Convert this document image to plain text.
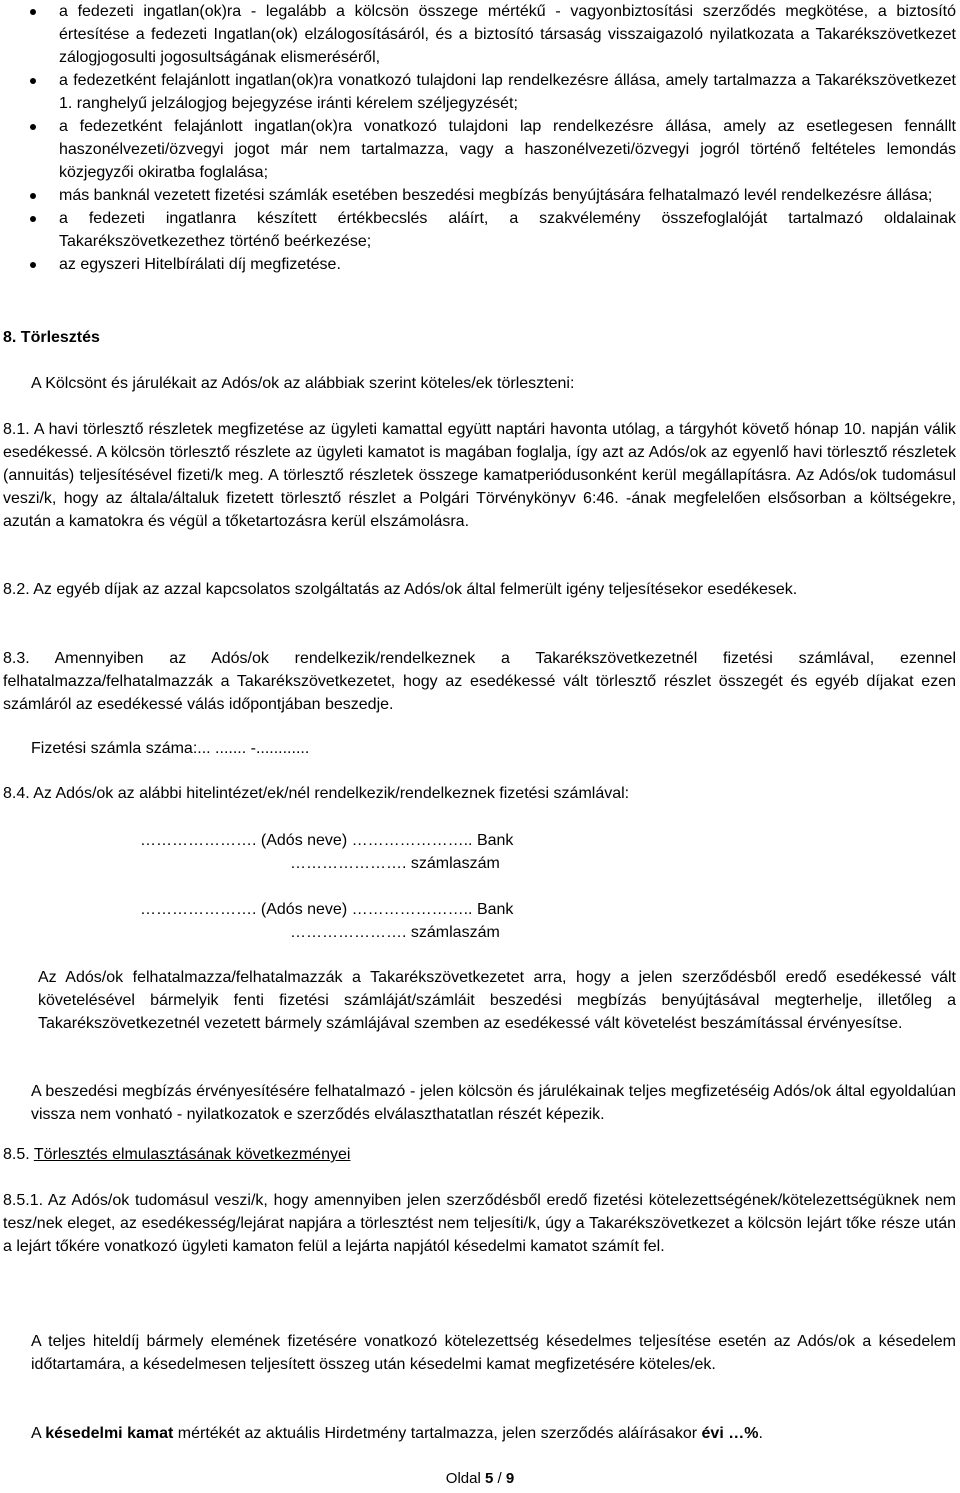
a fedezeti ingatlan(ok)ra - legalább a kölcsön összege mértékű - vagyonbiztosítási szerződés megkötése, a biztosító értesítése a fedezeti Ingatlan(ok) elzálogosításáról, és a biztosító társaság visszaigazoló nyilatkozata a Takarékszövetkezet zálogjogosulti jogosultságának elismeréséről,
a fedezetként felajánlott ingatlan(ok)ra vonatkozó tulajdoni lap rendelkezésre állása, amely tartalmazza a Takarékszövetkezet 1. ranghelyű jelzálogjog bejegyzése iránti kérelem széljegyzését;
a fedezetként felajánlott ingatlan(ok)ra vonatkozó tulajdoni lap rendelkezésre állása, amely az esetlegesen fennállt haszonélvezeti/özvegyi jogot már nem tartalmazza, vagy a haszonélvezeti/özvegyi jogról történő feltételes lemondás közjegyzői okiratba foglalása;
más banknál vezetett fizetési számlák esetében beszedési megbízás benyújtására felhatalmazó levél rendelkezésre állása;
a fedezeti ingatlanra készített értékbecslés aláírt, a szakvélemény összefoglalóját tartalmazó oldalainak Takarékszövetkezethez történő beérkezése;
az egyszeri Hitelbírálati díj megfizetése.

8. Törlesztés

A Kölcsönt és járulékait az Adós/ok az alábbiak szerint köteles/ek törleszteni:

8.1. A havi törlesztő részletek megfizetése az ügyleti kamattal együtt naptári havonta utólag, a tárgyhót követő hónap 10. napján válik esedékessé. A kölcsön törlesztő részlete az ügyleti kamatot is magában foglalja, így azt az Adós/ok az egyenlő havi törlesztő részletek (annuitás) teljesítésével fizeti/k meg. A törlesztő részletek összege kamatperiódusonként kerül megállapításra. Az Adós/ok tudomásul veszi/k, hogy az általa/általuk fizetett törlesztő részlet a Polgári Törvénykönyv 6:46. -ának megfelelően elsősorban a költségekre, azután a kamatokra és végül a tőketartozásra kerül elszámolásra.

8.2. Az egyéb díjak az azzal kapcsolatos szolgáltatás az Adós/ok által felmerült igény teljesítésekor esedékesek.

8.3. Amennyiben az Adós/ok rendelkezik/rendelkeznek a Takarékszövetkezetnél fizetési számlával, ezennel felhatalmazza/felhatalmazzák a Takarékszövetkezetet, hogy az esedékessé vált törlesztő részlet összegét és egyéb díjakat ezen számláról az esedékessé válás időpontjában beszedje.

Fizetési számla száma:... ....... -............

8.4. Az Adós/ok az alábbi hitelintézet/ek/nél rendelkezik/rendelkeznek fizetési számlával:

…………………. (Adós neve) ………………….. Bank

…………………. számlaszám

…………………. (Adós neve) ………………….. Bank

…………………. számlaszám

Az Adós/ok felhatalmazza/felhatalmazzák a Takarékszövetkezetet arra, hogy a jelen szerződésből eredő esedékessé vált követelésével bármelyik fenti fizetési számláját/számláit beszedési megbízás benyújtásával megterhelje, illetőleg a Takarékszövetkezetnél vezetett bármely számlájával szemben az esedékessé vált követelést beszámítással érvényesítse.

A beszedési megbízás érvényesítésére felhatalmazó - jelen kölcsön és járulékainak teljes megfizetéséig Adós/ok által egyoldalúan vissza nem vonható - nyilatkozatok e szerződés elválaszthatatlan részét képezik.

8.5. Törlesztés elmulasztásának következményei

8.5.1. Az Adós/ok tudomásul veszi/k, hogy amennyiben jelen szerződésből eredő fizetési kötelezettségének/kötelezettségüknek nem tesz/nek eleget, az esedékesség/lejárat napjára a törlesztést nem teljesíti/k, úgy a Takarékszövetkezet a kölcsön lejárt tőke része után a lejárt tőkére vonatkozó ügyleti kamaton felül a lejárta napjától késedelmi kamatot számít fel.

A teljes hiteldíj bármely elemének fizetésére vonatkozó kötelezettség késedelmes teljesítése esetén az Adós/ok a késedelem időtartamára, a késedelmesen teljesített összeg után késedelmi kamat megfizetésére köteles/ek.

A késedelmi kamat mértékét az aktuális Hirdetmény tartalmazza, jelen szerződés aláírásakor évi …%.

Oldal 5 / 9
